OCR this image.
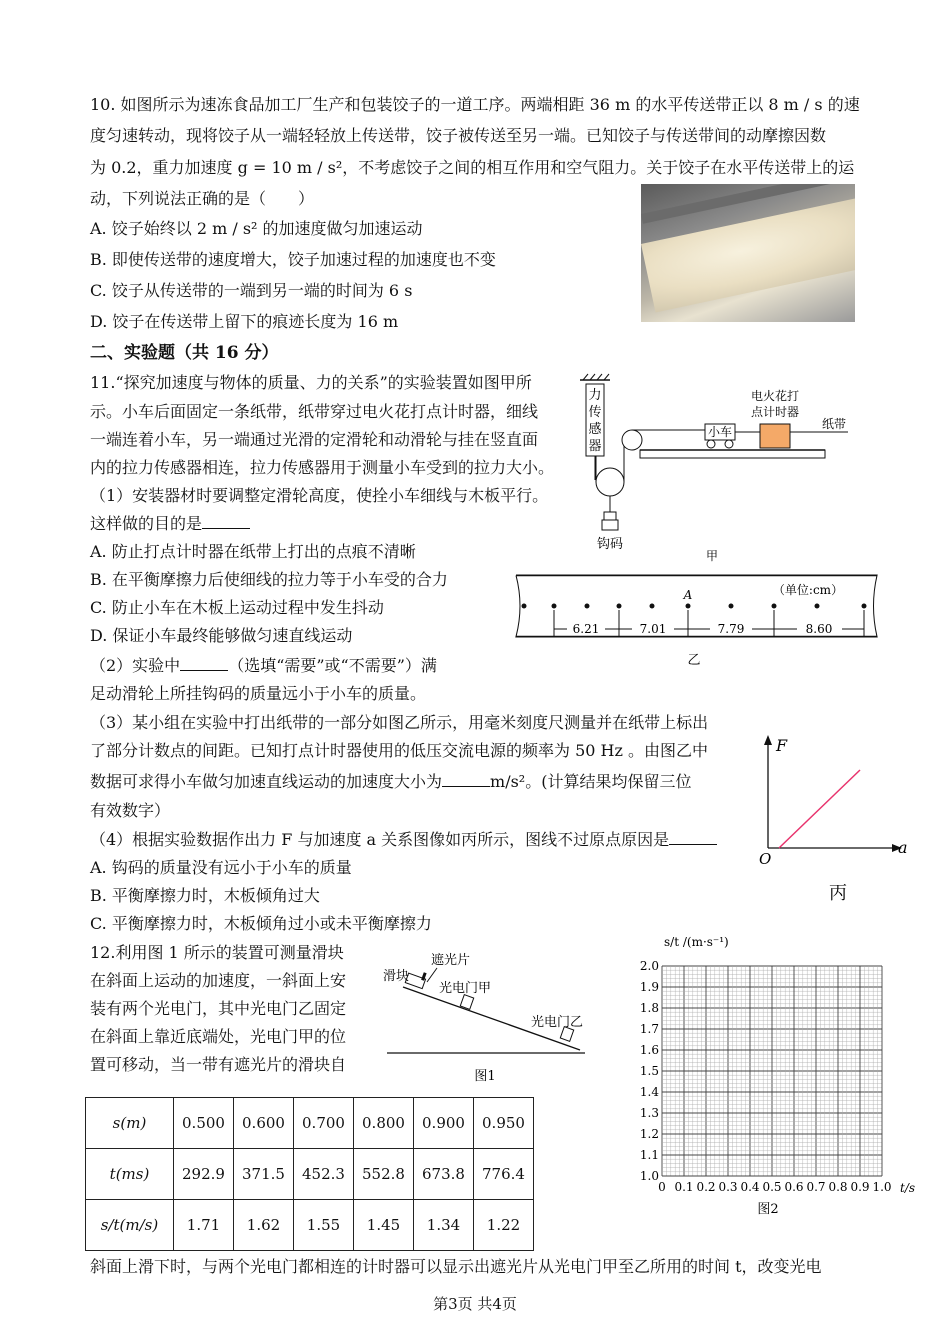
10. 如图所示为速冻食品加工厂生产和包装饺子的一道工序。两端相距 36 m 的水平传送带正以 8 m / s 的速
度匀速转动，现将饺子从一端轻轻放上传送带，饺子被传送至另一端。已知饺子与传送带间的动摩擦因数
为 0.2，重力加速度 g = 10 m / s²，不考虑饺子之间的相互作用和空气阻力。关于饺子在水平传送带上的运
动，下列说法正确的是（　　）
A. 饺子始终以 2 m / s² 的加速度做匀加速运动
B. 即使传送带的速度增大，饺子加速过程的加速度也不变
C. 饺子从传送带的一端到另一端的时间为 6 s
D. 饺子在传送带上留下的痕迹长度为 16 m
二、实验题（共 16 分）
11.“探究加速度与物体的质量、力的关系”的实验装置如图甲所
示。小车后面固定一条纸带，纸带穿过电火花打点计时器，细线
一端连着小车，另一端通过光滑的定滑轮和动滑轮与挂在竖直面
内的拉力传感器相连，拉力传感器用于测量小车受到的拉力大小。
（1）安装器材时要调整定滑轮高度，使拴小车细线与木板平行。
这样做的目的是
A. 防止打点计时器在纸带上打出的点痕不清晰
B. 在平衡摩擦力后使细线的拉力等于小车受的合力
C. 防止小车在木板上运动过程中发生抖动
D. 保证小车最终能够做匀速直线运动
（2）实验中	（选填“需要”或“不需要”）满
足动滑轮上所挂钩码的质量远小于小车的质量。
（3）某小组在实验中打出纸带的一部分如图乙所示，用毫米刻度尺测量并在纸带上标出
了部分计数点的间距。已知打点计时器使用的低压交流电源的频率为 50 Hz 。由图乙中
数据可求得小车做匀加速直线运动的加速度大小为	m/s²。(计算结果均保留三位
有效数字）
（4）根据实验数据作出力 F 与加速度 a 关系图像如丙所示，图线不过原点原因是
A. 钩码的质量没有远小于小车的质量
B. 平衡摩擦力时，木板倾角过大
C. 平衡摩擦力时，木板倾角过小或未平衡摩擦力
力
传
感
器
钩码
小车
电火花打
点计时器
纸带
甲
（单位:cm）
A
6.21	7.01	7.79	8.60
乙
F
a
O
丙
12.利用图 1 所示的装置可测量滑块
在斜面上运动的加速度，一斜面上安
装有两个光电门，其中光电门乙固定
在斜面上靠近底端处，光电门甲的位
置可移动，当一带有遮光片的滑块自
滑块
遮光片
光电门甲
光电门乙
图1
s(m)	0.500	0.600	0.700	0.800	0.900	0.950
t(ms)	292.9	371.5	452.3	552.8	673.8	776.4
s/t(m/s)	1.71	1.62	1.55	1.45	1.34	1.22
s/t /(m·s⁻¹)
2.0
1.9
1.8
1.7
1.6
1.5
1.4
1.3
1.2
1.1
1.0
0 0.1 0.2 0.3 0.4 0.5 0.6 0.7 0.8 0.9 1.0 t/s
图2
斜面上滑下时，与两个光电门都相连的计时器可以显示出遮光片从光电门甲至乙所用的时间 t，改变光电
第3页 共4页
